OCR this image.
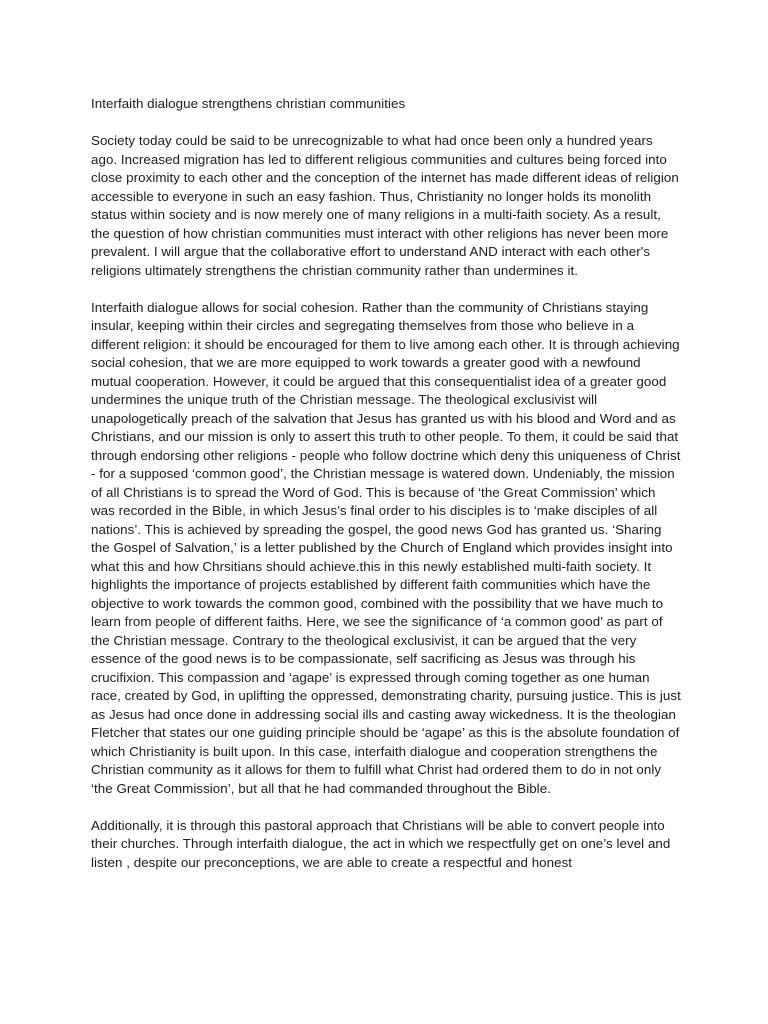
Interfaith dialogue strengthens christian communities

Society today could be said to be unrecognizable to what had once been only a hundred years ago. Increased migration has led to different religious communities and cultures being forced into close proximity to each other and the conception of the internet has made different ideas of religion accessible to everyone in such an easy fashion. Thus, Christianity no longer holds its monolith status within society and is now merely one of many religions in a multi-faith society. As a result, the question of how christian communities must interact with other religions has never been more prevalent. I will argue that the collaborative effort to understand AND interact with each other's religions ultimately strengthens the christian community rather than undermines it.

Interfaith dialogue allows for social cohesion. Rather than the community of Christians staying insular, keeping within their circles and segregating themselves from those who believe in a different religion: it should be encouraged for them to live among each other. It is through achieving social cohesion, that we are more equipped to work towards a greater good with a newfound mutual cooperation. However, it could be argued that this consequentialist idea of a greater good undermines the unique truth of the Christian message. The theological exclusivist will unapologetically preach of the salvation that Jesus has granted us with his blood and Word and as Christians, and our mission is only to assert this truth to other people. To them, it could be said that through endorsing other religions - people who follow doctrine which deny this uniqueness of Christ - for a supposed ‘common good’, the Christian message is watered down. Undeniably, the mission of all Christians is to spread the Word of God. This is because of ‘the Great Commission’ which was recorded in the Bible, in which Jesus’s final order to his disciples is to ‘make disciples of all nations’. This is achieved by spreading the gospel, the good news God has granted us. ‘Sharing the Gospel of Salvation,’ is a letter published by the Church of England which provides insight into what this and how Chrsitians should achieve.this in this newly established multi-faith society. It highlights the importance of projects established by different faith communities which have the objective to work towards the common good, combined with the possibility that we have much to learn from people of different faiths. Here, we see the significance of ‘a common good’ as part of the Christian message. Contrary to the theological exclusivist, it can be argued that the very essence of the good news is to be compassionate, self sacrificing as Jesus was through his crucifixion. This compassion and ‘agape’ is expressed through coming together as one human race, created by God, in uplifting the oppressed, demonstrating charity, pursuing justice. This is just as Jesus had once done in addressing social ills and casting away wickedness. It is the theologian Fletcher that states our one guiding principle should be ‘agape’ as this is the absolute foundation of which Christianity is built upon. In this case, interfaith dialogue and cooperation strengthens the Christian community as it allows for them to fulfill what Christ had ordered them to do in not only ‘the Great Commission’, but all that he had commanded throughout the Bible.

Additionally, it is through this pastoral approach that Christians will be able to convert people into their churches. Through interfaith dialogue, the act in which we respectfully get on one’s level and listen , despite our preconceptions, we are able to create a respectful and honest
